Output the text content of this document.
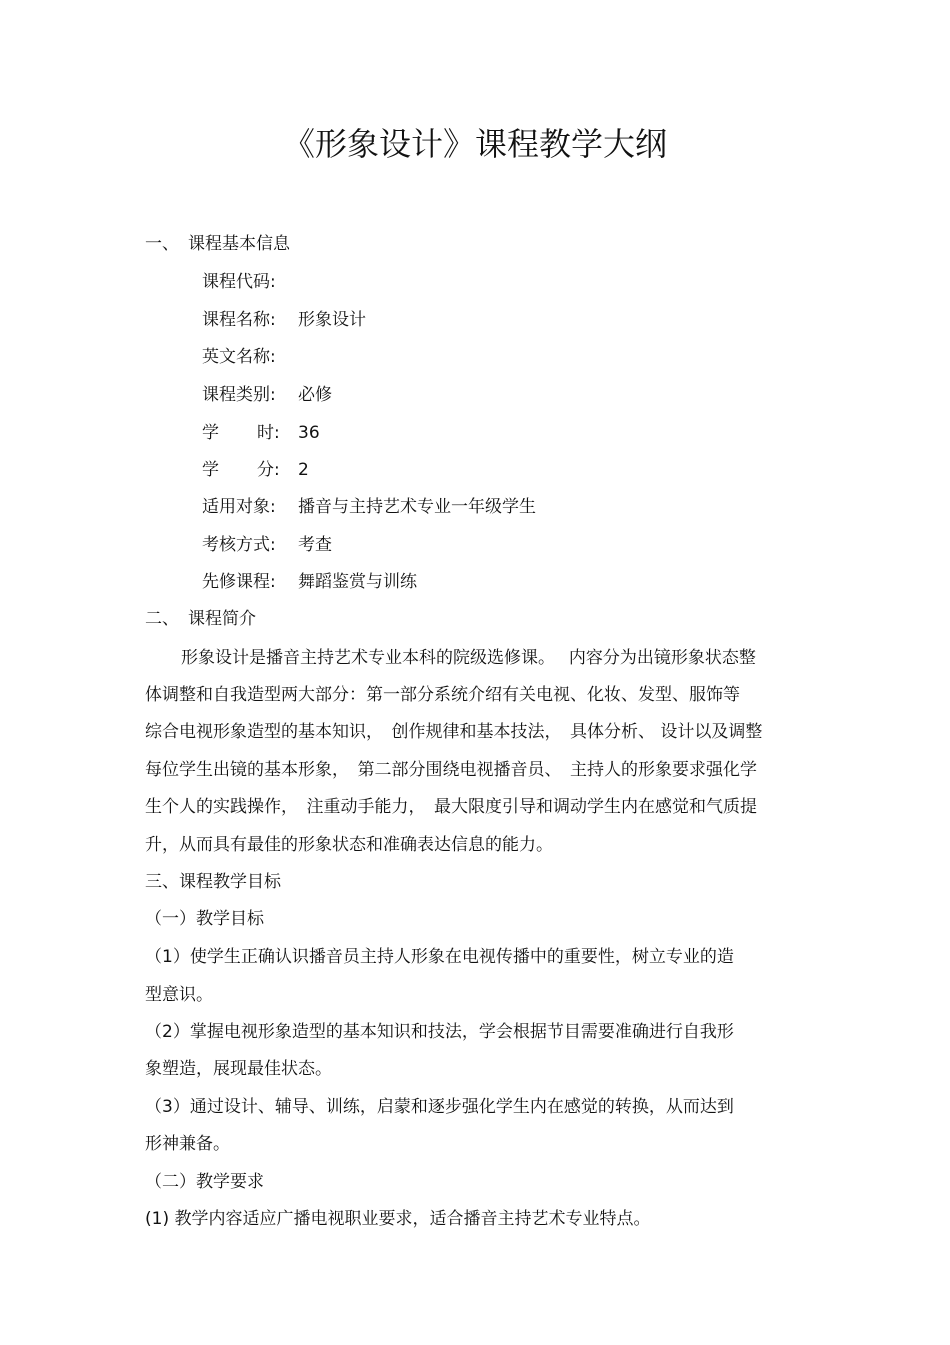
《形象设计》课程教学大纲
一、 课程基本信息
课程代码:
课程名称: 形象设计
英文名称:
课程类别: 必修
学 时: 36
学 分: 2
适用对象: 播音与主持艺术专业一年级学生
考核方式: 考查
先修课程: 舞蹈鉴赏与训练
二、 课程简介
形象设计是播音主持艺术专业本科的院级选修课。　 内容分为出镜形象状态整
体调整和自我造型两大部分：第一部分系统介绍有关电视、化妆、发型、服饰等
综合电视形象造型的基本知识，　创作规律和基本技法，　具体分析、 设计以及调整
每位学生出镜的基本形象，　第二部分围绕电视播音员、　主持人的形象要求强化学
生个人的实践操作，　注重动手能力，　最大限度引导和调动学生内在感觉和气质提
升，从而具有最佳的形象状态和准确表达信息的能力。
三、课程教学目标
（一）教学目标
（1）使学生正确认识播音员主持人形象在电视传播中的重要性，树立专业的造
型意识。
（2）掌握电视形象造型的基本知识和技法，学会根据节目需要准确进行自我形
象塑造，展现最佳状态。
（3）通过设计、辅导、训练，启蒙和逐步强化学生内在感觉的转换，从而达到
形神兼备。
（二）教学要求
(1) 教学内容适应广播电视职业要求，适合播音主持艺术专业特点。
